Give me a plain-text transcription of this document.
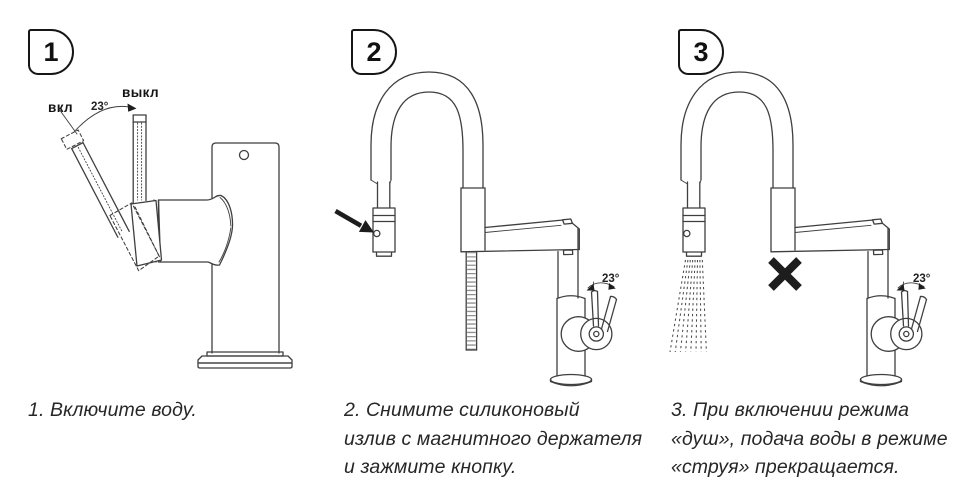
1
вкл
выкл
23°
1. Включите воду.
2
23°
2. Снимите силиконовый
излив с магнитного держателя
и зажмите кнопку.
3
23°
3. При включении режима
«душ», подача воды в режиме
«струя» прекращается.
